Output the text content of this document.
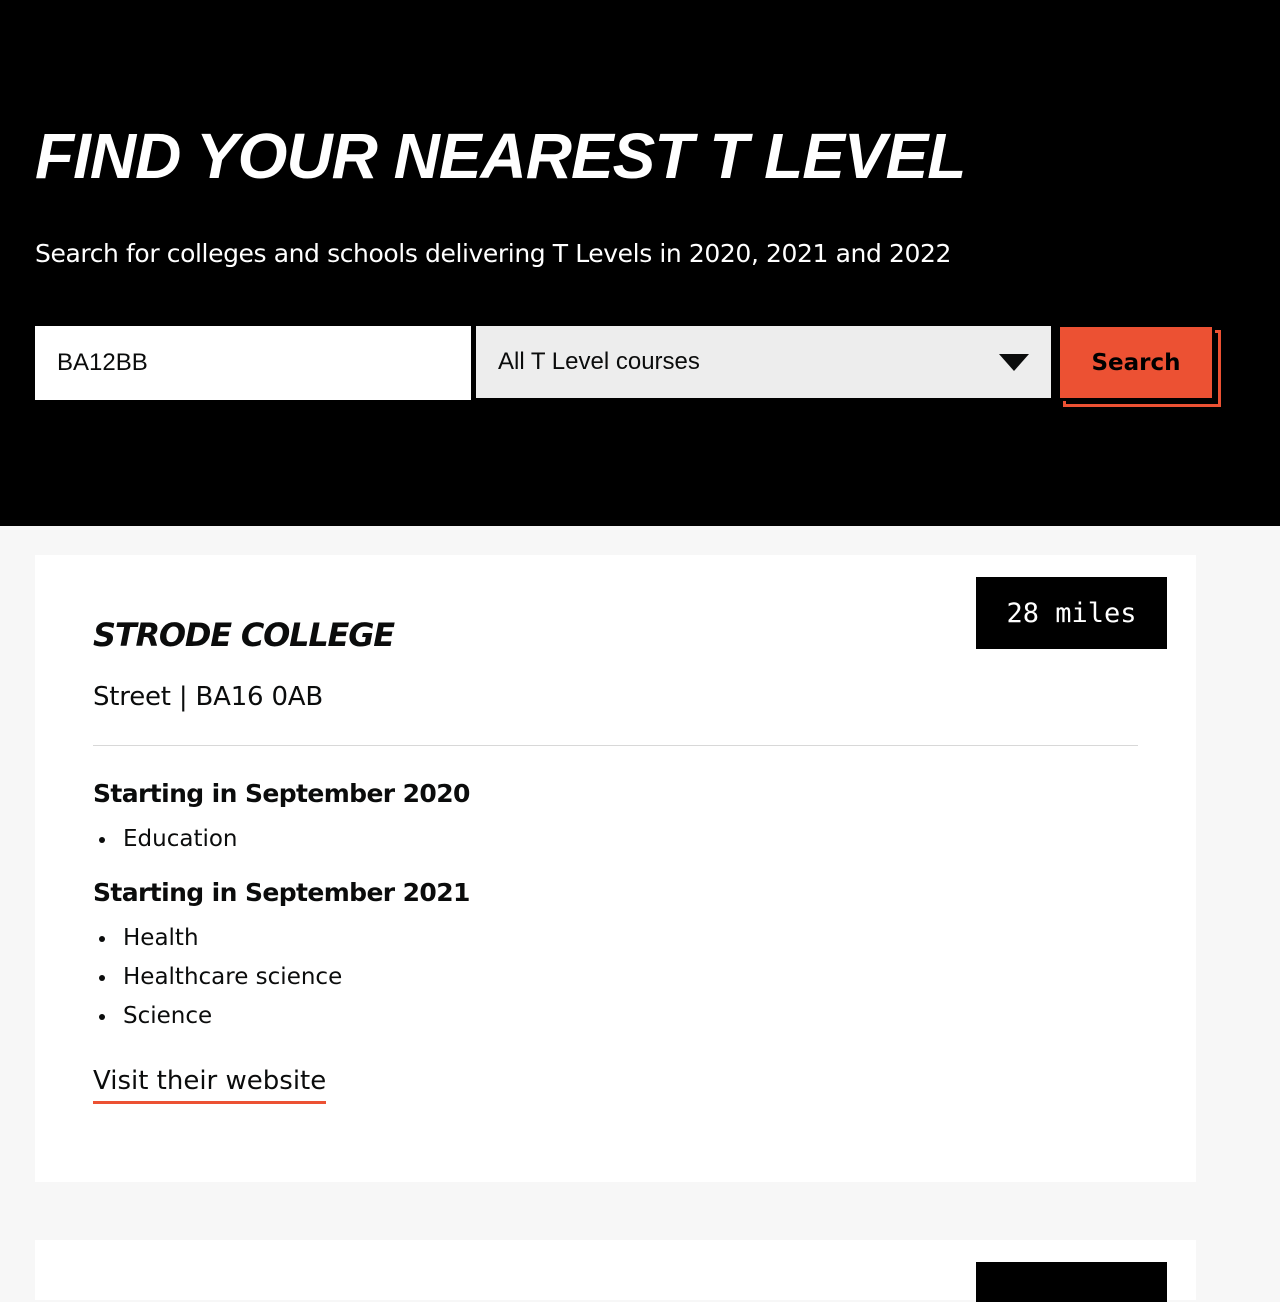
FIND YOUR NEAREST T LEVEL

Search for colleges and schools delivering T Levels in 2020, 2021 and 2022

BA12BB
All T Level courses	Search
28 miles
STRODE COLLEGE

Street | BA16 0AB

Starting in September 2020
Education
Starting in September 2021
Health
Healthcare science
Science
Visit their website
